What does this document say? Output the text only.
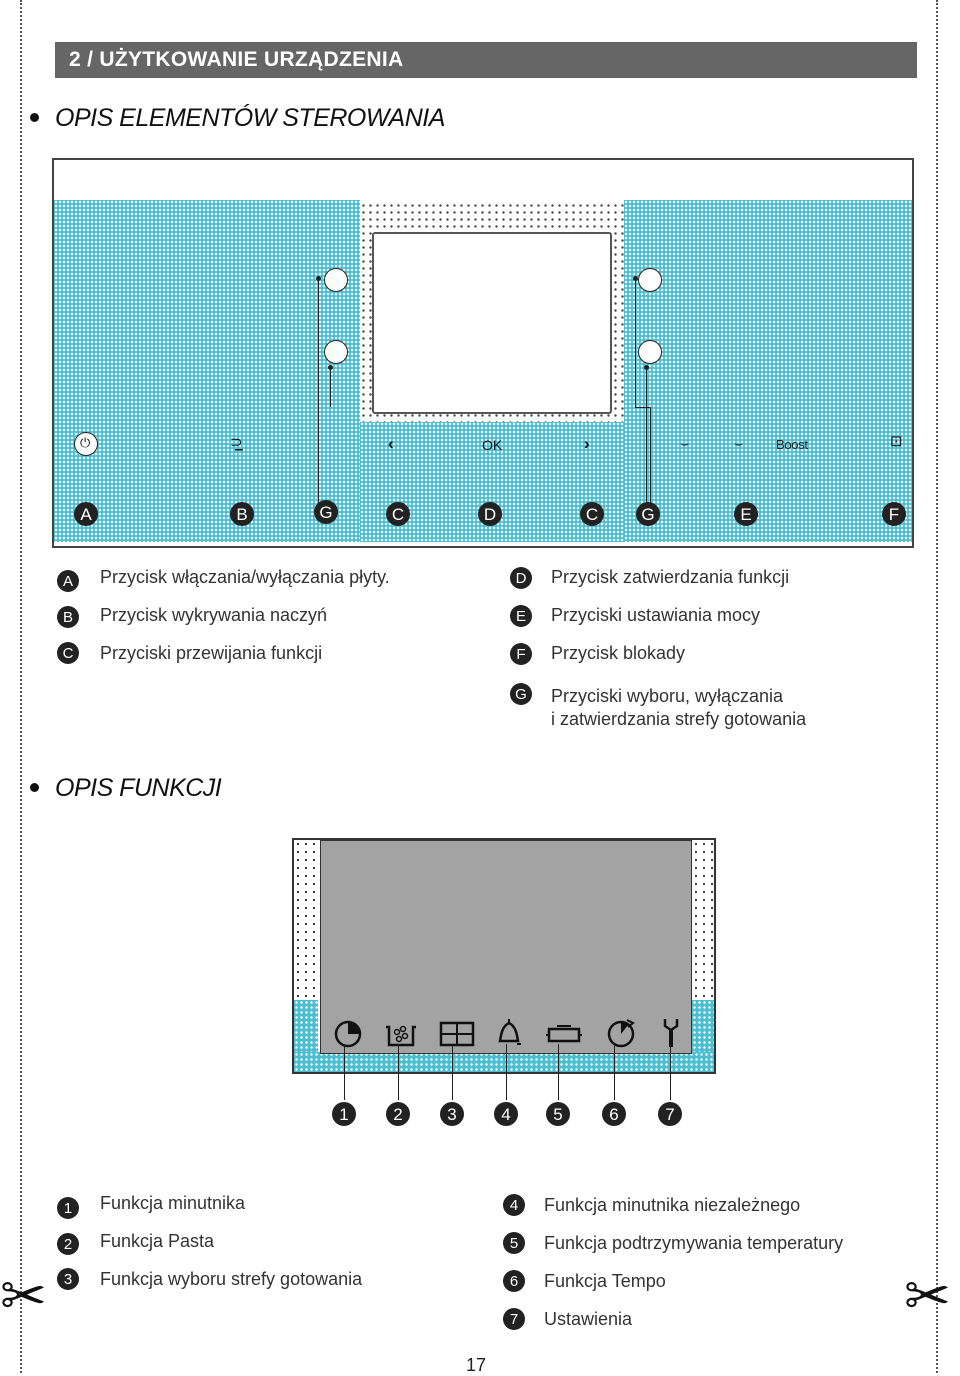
2 / UŻYTKOWANIE URZĄDZENIA
OPIS ELEMENTÓW STEROWANIA
⏻	⊃̲	‹	OK	›	⌣	⌣	Boost	⊡
A	B	G	C	D	C	G	E	F
A	Przycisk włączania/wyłączania płyty.
B	Przycisk wykrywania naczyń
C	Przyciski przewijania funkcji
D	Przycisk zatwierdzania funkcji
E	Przyciski ustawiania mocy
F	Przycisk blokady
G Przyciski wyboru, wyłączania
i zatwierdzania strefy gotowania
OPIS FUNKCJI
1	2	3	4	5	6	7
1	Funkcja minutnika
2	Funkcja Pasta
3	Funkcja wyboru strefy gotowania
4	Funkcja minutnika niezależnego
5	Funkcja podtrzymywania temperatury
6	Funkcja Tempo
7	Ustawienia
✂	✂
17
